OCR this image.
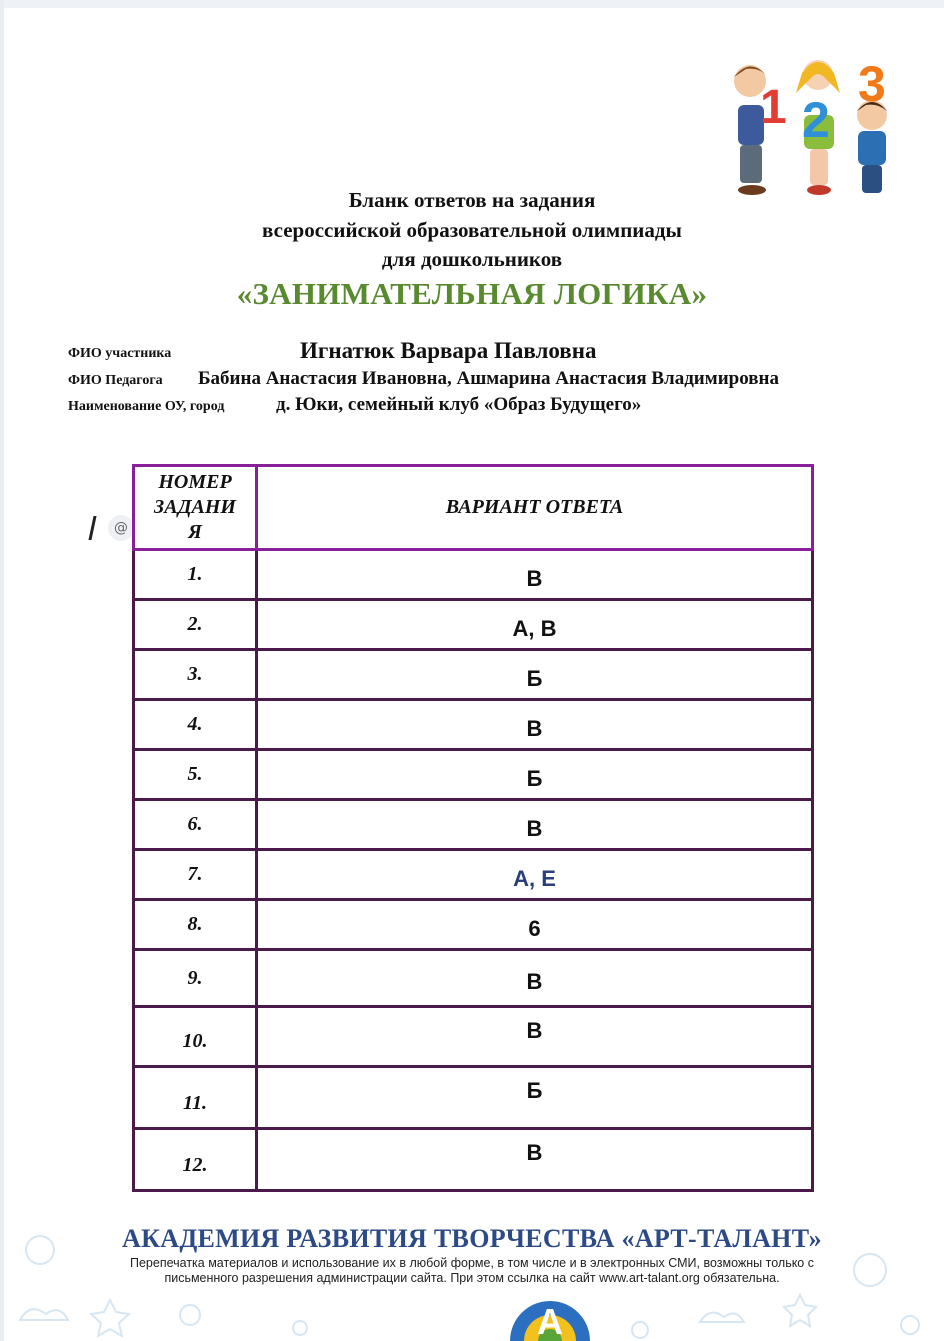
1 2
3
Бланк ответов на задания
всероссийской образовательной олимпиады
для дошкольников
«ЗАНИМАТЕЛЬНАЯ ЛОГИКА»
ФИО участника	Игнатюк Варвара Павловна
ФИО Педагога Бабина Анастасия Ивановна, Ашмарина Анастасия Владимировна
Наименование ОУ, город	д. Юки, семейный клуб «Образ Будущего»
@
НОМЕР
ЗАДАНИ
Я	ВАРИАНТ ОТВЕТА
1.	В
2.	А, В
3.	Б
4.	В
5.	Б
6.	В
7.	А, Е
8.	6
9.	В
10.	В
11.	Б
12.	В
АКАДЕМИЯ РАЗВИТИЯ ТВОРЧЕСТВА «АРТ-ТАЛАНТ»
Перепечатка материалов и использование их в любой форме, в том числе и в электронных СМИ, возможны только с
письменного разрешения администрации сайта. При этом ссылка на сайт www.art-talant.org обязательна.
А
